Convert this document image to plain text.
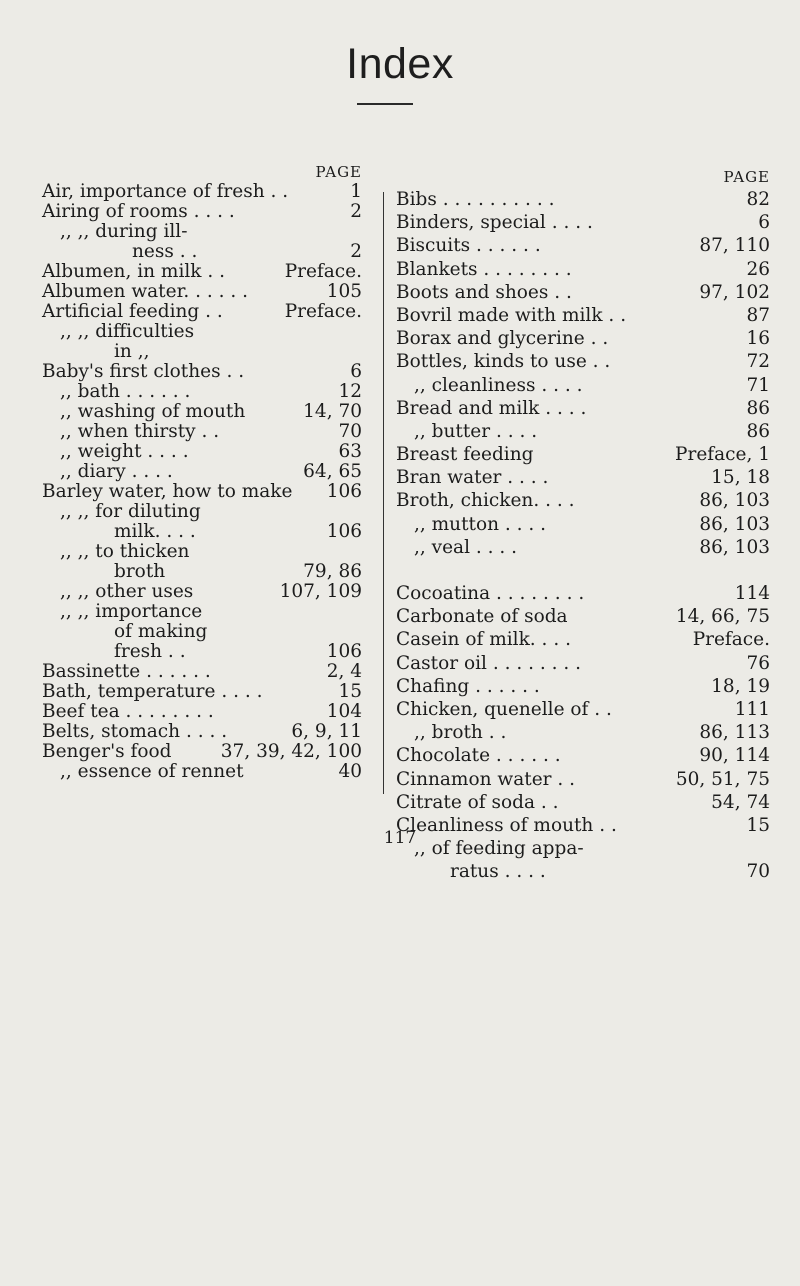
Index
PAGE
Air, importance of fresh . .	1
Airing of rooms . . . .	2
,, ,, during ill-
ness . .	2
Albumen, in milk . .	Preface.
Albumen water. . . . . .	105
Artificial feeding . .	Preface.
,, ,, difficulties
in ,,
Baby's first clothes . .	6
,, bath . . . . . .	12
,, washing of mouth	14, 70
,, when thirsty . .	70
,, weight . . . .	63
,, diary . . . .	64, 65
Barley water, how to make 106
,, ,, for diluting
milk. . . .	106
,, ,, to thicken
broth	79, 86
,, ,, other uses	107, 109
,, ,, importance
of making
fresh . .	106
Bassinette . . . . . .	2, 4
Bath, temperature . . . .	15
Beef tea . . . . . . . .	104
Belts, stomach . . . .	6, 9, 11
Benger's food	37, 39, 42, 100
,, essence of rennet	40
PAGE
Bibs . . . . . . . . . .	82
Binders, special . . . .	6
Biscuits . . . . . .	87, 110
Blankets . . . . . . . .	26
Boots and shoes . .	97, 102
Bovril made with milk . .	87
Borax and glycerine . .	16
Bottles, kinds to use . .	72
,, cleanliness . . . .	71
Bread and milk . . . .	86
,, butter . . . .	86
Breast feeding	Preface, 1
Bran water . . . .	15, 18
Broth, chicken. . . .	86, 103
,, mutton . . . .	86, 103
,, veal . . . .	86, 103
Cocoatina . . . . . . . .	114
Carbonate of soda	14, 66, 75
Casein of milk. . . .	Preface.
Castor oil . . . . . . . .	76
Chafing . . . . . .	18, 19
Chicken, quenelle of . .	111
,, broth . .	86, 113
Chocolate . . . . . .	90, 114
Cinnamon water . .	50, 51, 75
Citrate of soda . .	54, 74
Cleanliness of mouth . .	15
,, of feeding appa-
ratus . . . .	70
117
